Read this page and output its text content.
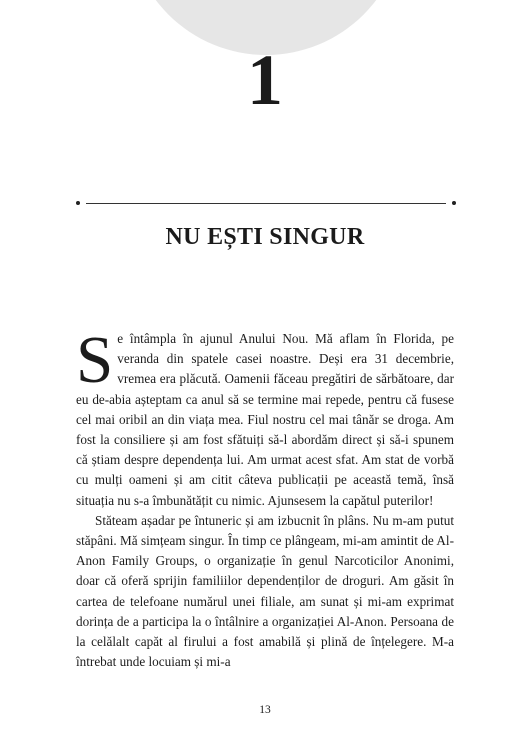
1
NU EȘTI SINGUR

Se întâmpla în ajunul Anului Nou. Mă aflam în Florida, pe veranda din spatele casei noastre. Deși era 31 decembrie, vremea era plăcută. Oamenii făceau pregătiri de sărbătoare, dar eu de-abia așteptam ca anul să se termine mai repede, pentru că fusese cel mai oribil an din viața mea. Fiul nostru cel mai tânăr se droga. Am fost la consiliere și am fost sfătuiți să-l abordăm direct și să-i spunem că știam despre dependența lui. Am urmat acest sfat. Am stat de vorbă cu mulți oameni și am citit câteva publicații pe această temă, însă situația nu s-a îmbunătățit cu nimic. Ajunsesem la capătul puterilor!

Stăteam așadar pe întuneric și am izbucnit în plâns. Nu m-am putut stăpâni. Mă simțeam singur. În timp ce plângeam, mi-am amintit de Al-Anon Family Groups, o organizație în genul Narcoticilor Anonimi, doar că oferă sprijin familiilor dependenților de droguri. Am găsit în cartea de telefoane numărul unei filiale, am sunat și mi-am exprimat dorința de a participa la o întâlnire a organizației Al-Anon. Persoana de la celălalt capăt al firului a fost amabilă și plină de înțelegere. M-a întrebat unde locuiam și mi-a

13
